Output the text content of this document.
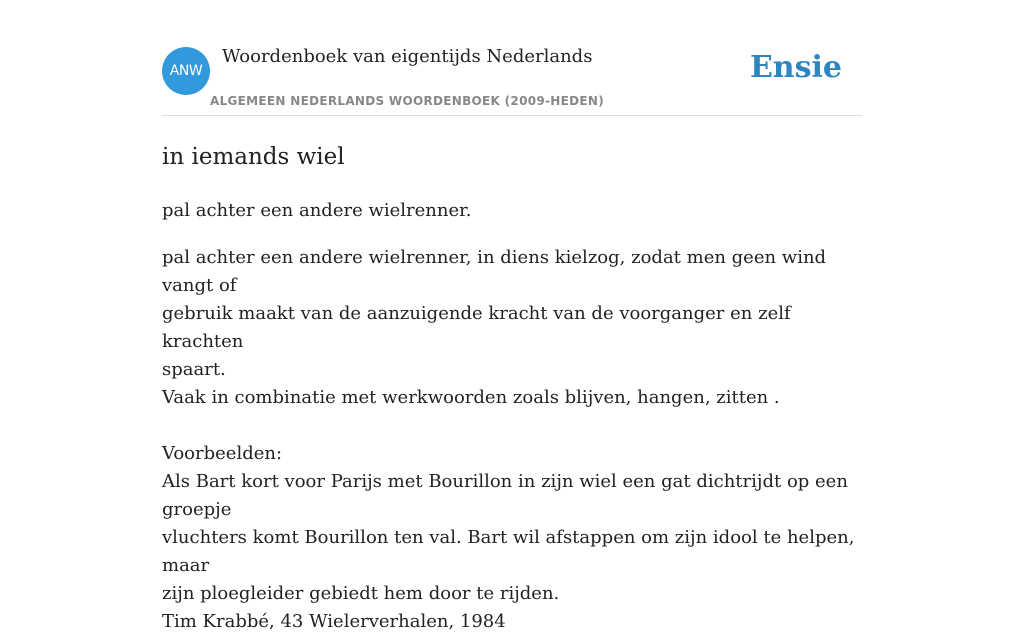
ANW
Woordenboek van eigentijds Nederlands
ALGEMEEN NEDERLANDS WOORDENBOEK (2009-HEDEN)
Ensie
in iemands wiel

pal achter een andere wielrenner.

pal achter een andere wielrenner, in diens kielzog, zodat men geen wind vangt of
gebruik maakt van de aanzuigende kracht van de voorganger en zelf krachten
spaart.
Vaak in combinatie met werkwoorden zoals blijven, hangen, zitten .
Voorbeelden:
Als Bart kort voor Parijs met Bourillon in zijn wiel een gat dichtrijdt op een groepje
vluchters komt Bourillon ten val. Bart wil afstappen om zijn idool te helpen, maar
zijn ploegleider gebiedt hem door te rijden.
Tim Krabbé, 43 Wielerverhalen, 1984
